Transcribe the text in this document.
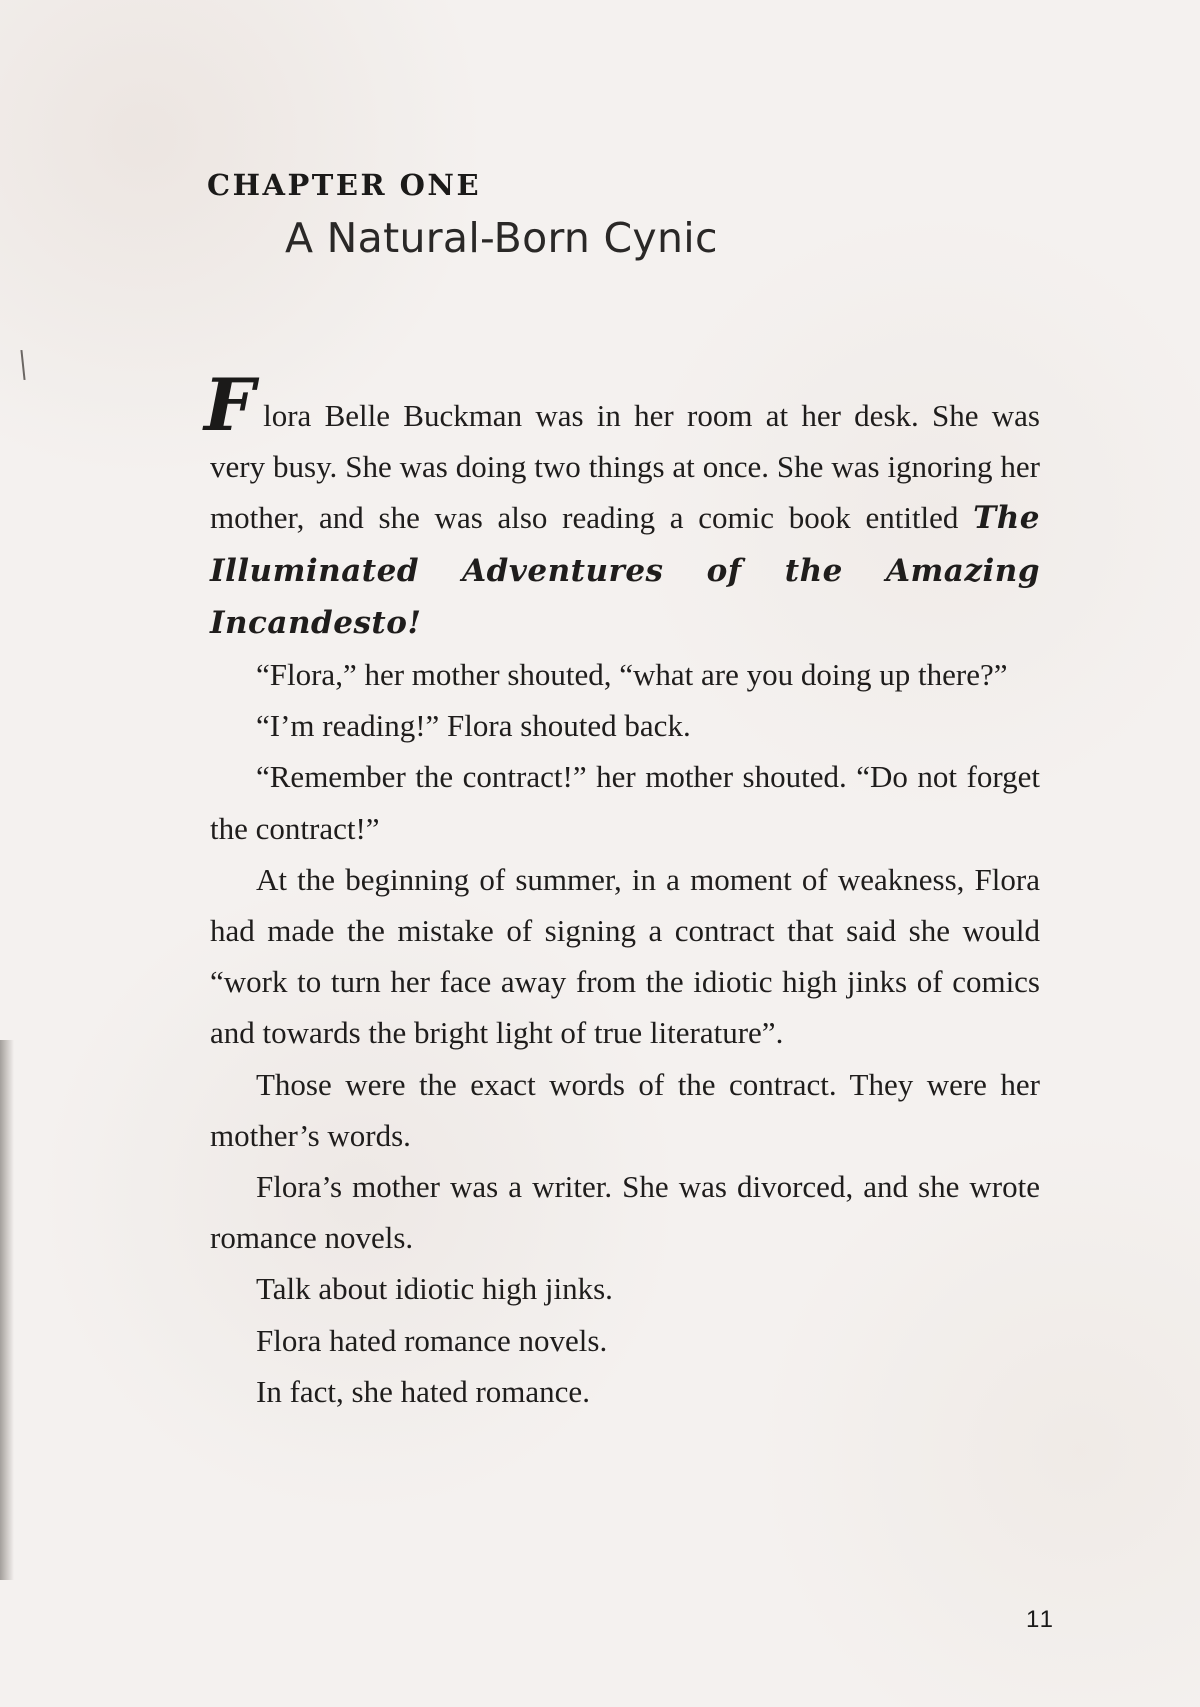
CHAPTER ONE
A Natural-Born Cynic

Flora Belle Buckman was in her room at her desk. She was very busy. She was doing two things at once. She was ignoring her mother, and she was also reading a comic book entitled The Illuminated Adventures of the Amazing Incandesto!

“Flora,” her mother shouted, “what are you doing up there?”

“I’m reading!” Flora shouted back.

“Remember the contract!” her mother shouted. “Do not forget the contract!”

At the beginning of summer, in a moment of weakness, Flora had made the mistake of signing a contract that said she would “work to turn her face away from the idiotic high jinks of comics and towards the bright light of true literature”.

Those were the exact words of the contract. They were her mother’s words.

Flora’s mother was a writer. She was divorced, and she wrote romance novels.

Talk about idiotic high jinks.

Flora hated romance novels.

In fact, she hated romance.

11
